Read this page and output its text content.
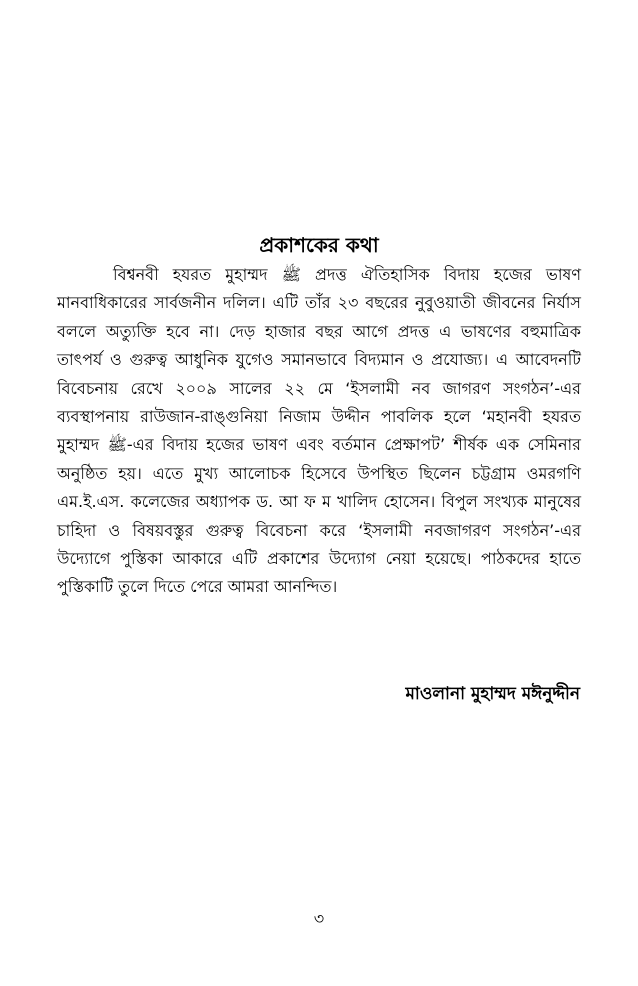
প্রকাশকের কথা

বিশ্বনবী হযরত মুহাম্মদ ﷺ প্রদত্ত ঐতিহাসিক বিদায় হজের ভাষণ মানবাধিকারের সার্বজনীন দলিল। এটি তাঁর ২৩ বছরের নুবুওয়াতী জীবনের নির্যাস বললে অত্যুক্তি হবে না। দেড় হাজার বছর আগে প্রদত্ত এ ভাষণের বহুমাত্রিক তাৎপর্য ও গুরুত্ব আধুনিক যুগেও সমানভাবে বিদ্যমান ও প্রযোজ্য। এ আবেদনটি বিবেচনায় রেখে ২০০৯ সালের ২২ মে ‘ইসলামী নব জাগরণ সংগঠন’-এর ব্যবস্থাপনায় রাউজান-রাঙ্গুনিয়া নিজাম উদ্দীন পাবলিক হলে ‘মহানবী হযরত মুহাম্মদ ﷺ-এর বিদায় হজের ভাষণ এবং বর্তমান প্রেক্ষাপট’ শীর্ষক এক সেমিনার অনুষ্ঠিত হয়। এতে মুখ্য আলোচক হিসেবে উপস্থিত ছিলেন চট্টগ্রাম ওমরগণি এম.ই.এস. কলেজের অধ্যাপক ড. আ ফ ম খালিদ হোসেন। বিপুল সংখ্যক মানুষের চাহিদা ও বিষয়বস্তুর গুরুত্ব বিবেচনা করে ‘ইসলামী নবজাগরণ সংগঠন’-এর উদ্যোগে পুস্তিকা আকারে এটি প্রকাশের উদ্যোগ নেয়া হয়েছে। পাঠকদের হাতে পুস্তিকাটি তুলে দিতে পেরে আমরা আনন্দিত।

মাওলানা মুহাম্মদ মঈনুদ্দীন
৩
